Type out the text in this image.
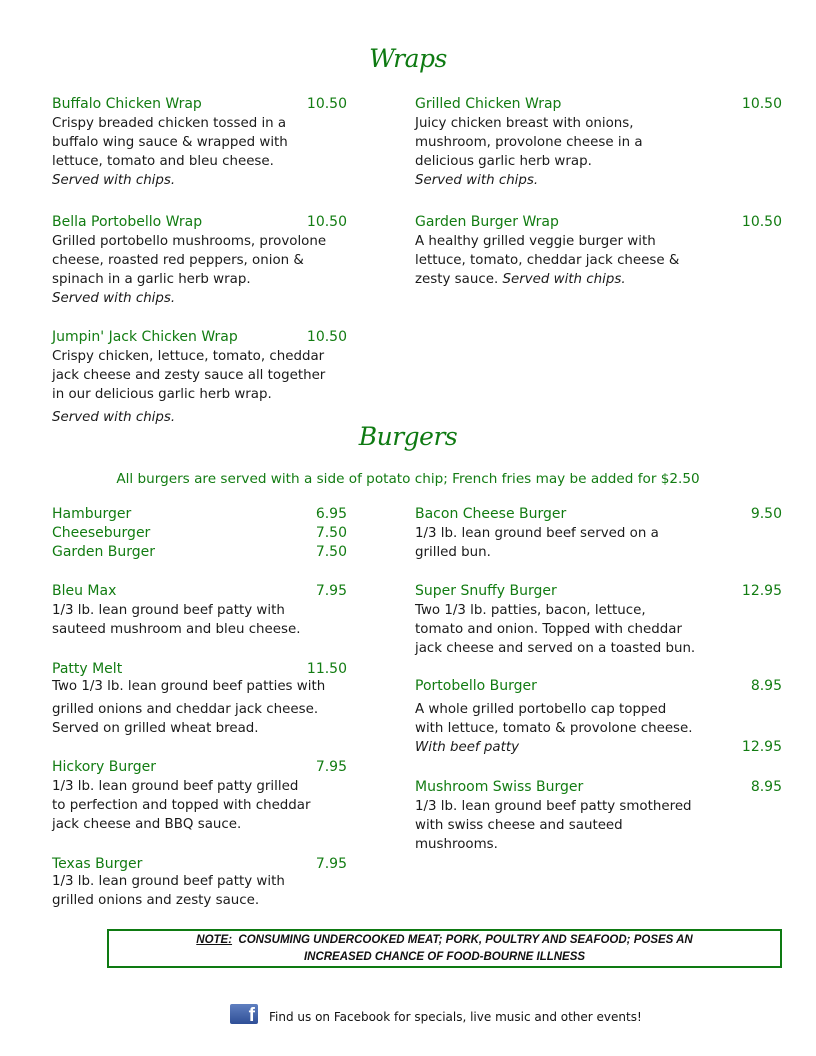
Wraps
Buffalo Chicken Wrap	10.50
Crispy breaded chicken tossed in a
buffalo wing sauce & wrapped with
lettuce, tomato and bleu cheese.
Served with chips.
Grilled Chicken Wrap	10.50
Juicy chicken breast with onions,
mushroom, provolone cheese in a
delicious garlic herb wrap.
Served with chips.
Bella Portobello Wrap	10.50
Grilled portobello mushrooms, provolone
cheese, roasted red peppers, onion &
spinach in a garlic herb wrap.
Served with chips.
Garden Burger Wrap	10.50
A healthy grilled veggie burger with
lettuce, tomato, cheddar jack cheese &
zesty sauce. Served with chips.
Jumpin' Jack Chicken Wrap	10.50
Crispy chicken, lettuce, tomato, cheddar
jack cheese and zesty sauce all together
in our delicious garlic herb wrap.
Served with chips.
Burgers
All burgers are served with a side of potato chip; French fries may be added for $2.50
Hamburger	6.95
Cheeseburger	7.50
Garden Burger	7.50
Bacon Cheese Burger	9.50
1/3 lb. lean ground beef served on a
grilled bun.
Bleu Max	7.95
1/3 lb. lean ground beef patty with
sauteed mushroom and bleu cheese.
Super Snuffy Burger	12.95
Two 1/3 lb. patties, bacon, lettuce,
tomato and onion. Topped with cheddar
jack cheese and served on a toasted bun.
Patty Melt	11.50
Two 1/3 lb. lean ground beef patties with
grilled onions and cheddar jack cheese.
Served on grilled wheat bread.
Portobello Burger	8.95
A whole grilled portobello cap topped
with lettuce, tomato & provolone cheese.
With beef patty	12.95
Hickory Burger	7.95
1/3 lb. lean ground beef patty grilled
to perfection and topped with cheddar
jack cheese and BBQ sauce.
Mushroom Swiss Burger	8.95
1/3 lb. lean ground beef patty smothered
with swiss cheese and sauteed
mushrooms.
Texas Burger	7.95
1/3 lb. lean ground beef patty with
grilled onions and zesty sauce.
NOTE:  CONSUMING UNDERCOOKED MEAT; PORK, POULTRY AND SEAFOOD; POSES AN
INCREASED CHANCE OF FOOD-BOURNE ILLNESS
f Find us on Facebook for specials, live music and other events!
